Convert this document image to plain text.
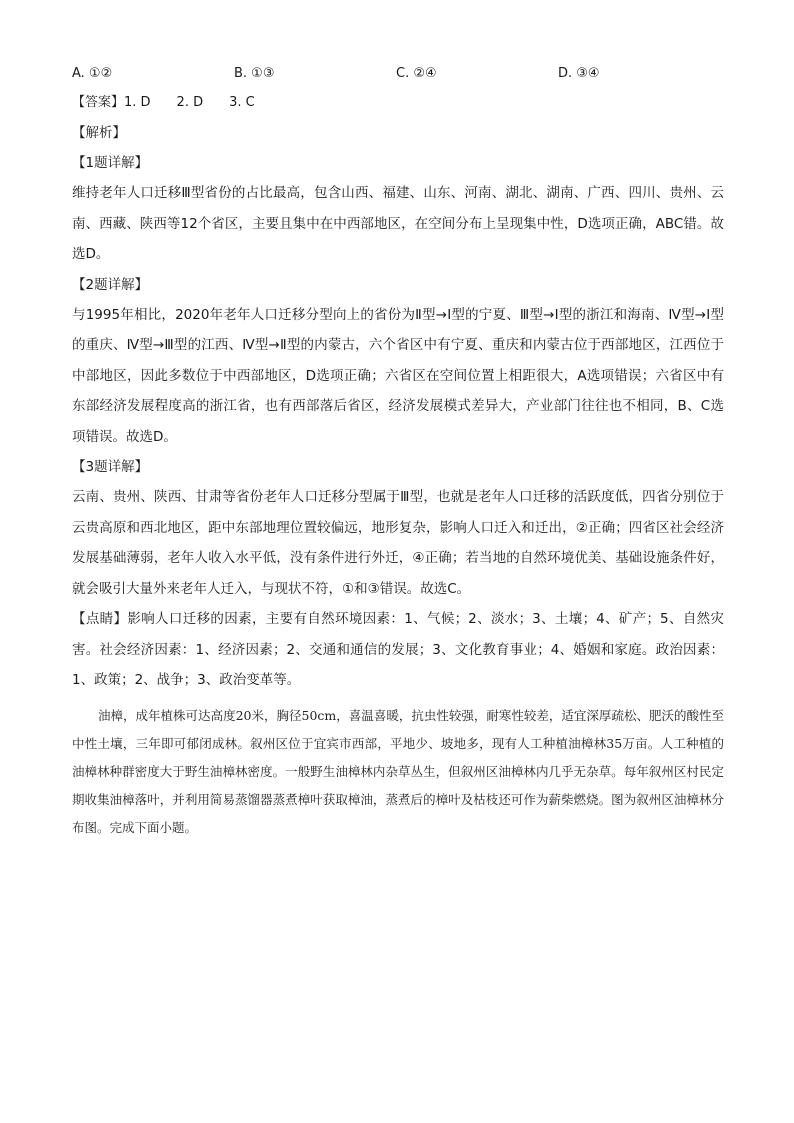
A. ①②	B. ①③	C. ②④	D. ③④
【答案】1. D　　2. D　　3. C
【解析】
【1题详解】
维持老年人口迁移Ⅲ型省份的占比最高，包含山西、福建、山东、河南、湖北、湖南、广西、四川、贵州、云南、西藏、陕西等12个省区，主要且集中在中西部地区，在空间分布上呈现集中性，D选项正确，ABC错。故选D。
【2题详解】
与1995年相比，2020年老年人口迁移分型向上的省份为Ⅱ型→Ⅰ型的宁夏、Ⅲ型→Ⅰ型的浙江和海南、Ⅳ型→Ⅰ型的重庆、Ⅳ型→Ⅲ型的江西、Ⅳ型→Ⅱ型的内蒙古，六个省区中有宁夏、重庆和内蒙古位于西部地区，江西位于中部地区，因此多数位于中西部地区，D选项正确；六省区在空间位置上相距很大，A选项错误；六省区中有东部经济发展程度高的浙江省，也有西部落后省区，经济发展模式差异大，产业部门往往也不相同，B、C选项错误。故选D。
【3题详解】
云南、贵州、陕西、甘肃等省份老年人口迁移分型属于Ⅲ型，也就是老年人口迁移的活跃度低，四省分别位于云贵高原和西北地区，距中东部地理位置较偏远，地形复杂，影响人口迁入和迁出，②正确；四省区社会经济发展基础薄弱，老年人收入水平低，没有条件进行外迁，④正确；若当地的自然环境优美、基础设施条件好，就会吸引大量外来老年人迁入，与现状不符，①和③错误。故选C。
【点睛】影响人口迁移的因素，主要有自然环境因素：1、气候；2、淡水；3、土壤；4、矿产；5、自然灾害。社会经济因素：1、经济因素；2、交通和通信的发展；3、文化教育事业；4、婚姻和家庭。政治因素：1、政策；2、战争；3、政治变革等。
油樟，成年植株可达高度20米，胸径50cm，喜温喜暖，抗虫性较强，耐寒性较差，适宜深厚疏松、肥沃的酸性至中性土壤，三年即可郁闭成林。叙州区位于宜宾市西部，平地少、坡地多，现有人工种植油樟林35万亩。人工种植的油樟林种群密度大于野生油樟林密度。一般野生油樟林内杂草丛生，但叙州区油樟林内几乎无杂草。每年叙州区村民定期收集油樟落叶，并利用简易蒸馏器蒸煮樟叶获取樟油，蒸煮后的樟叶及枯枝还可作为薪柴燃烧。图为叙州区油樟林分布图。完成下面小题。
